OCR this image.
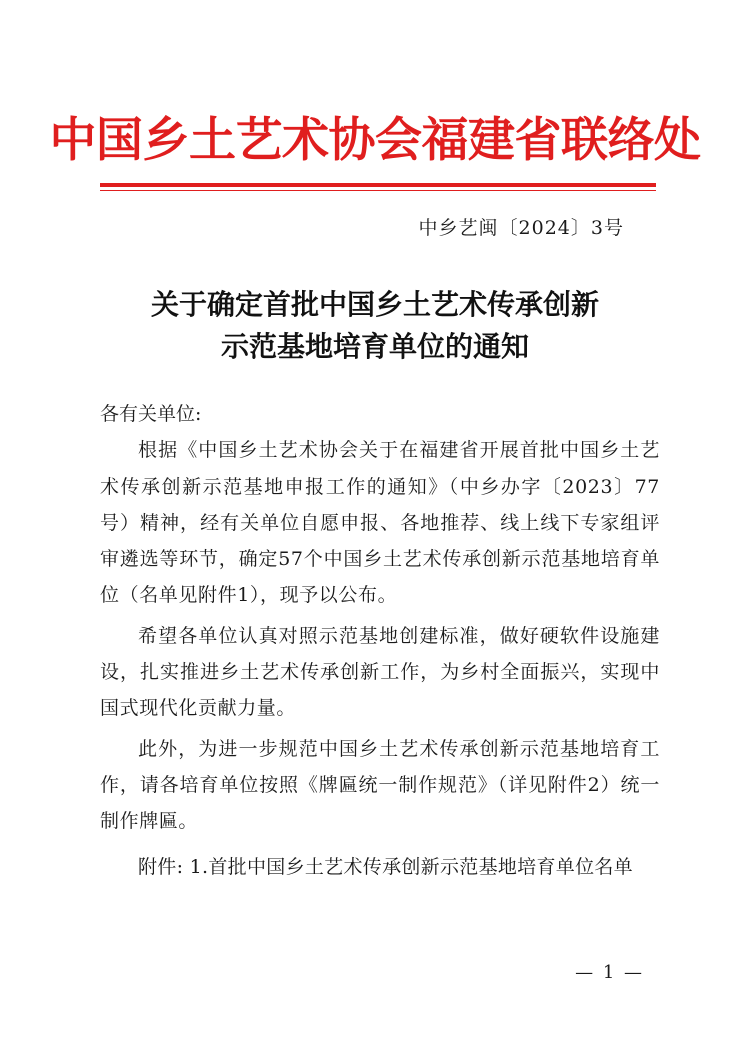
中国乡土艺术协会福建省联络处
中乡艺闽〔2024〕3号
关于确定首批中国乡土艺术传承创新
示范基地培育单位的通知

各有关单位:

根据《中国乡土艺术协会关于在福建省开展首批中国乡土艺术传承创新示范基地申报工作的通知》（中乡办字〔2023〕77号）精神，经有关单位自愿申报、各地推荐、线上线下专家组评审遴选等环节，确定57个中国乡土艺术传承创新示范基地培育单位（名单见附件1），现予以公布。

希望各单位认真对照示范基地创建标准，做好硬软件设施建设，扎实推进乡土艺术传承创新工作，为乡村全面振兴，实现中国式现代化贡献力量。

此外，为进一步规范中国乡土艺术传承创新示范基地培育工作，请各培育单位按照《牌匾统一制作规范》（详见附件2）统一制作牌匾。

附件: 1.首批中国乡土艺术传承创新示范基地培育单位名单
— 1 —
